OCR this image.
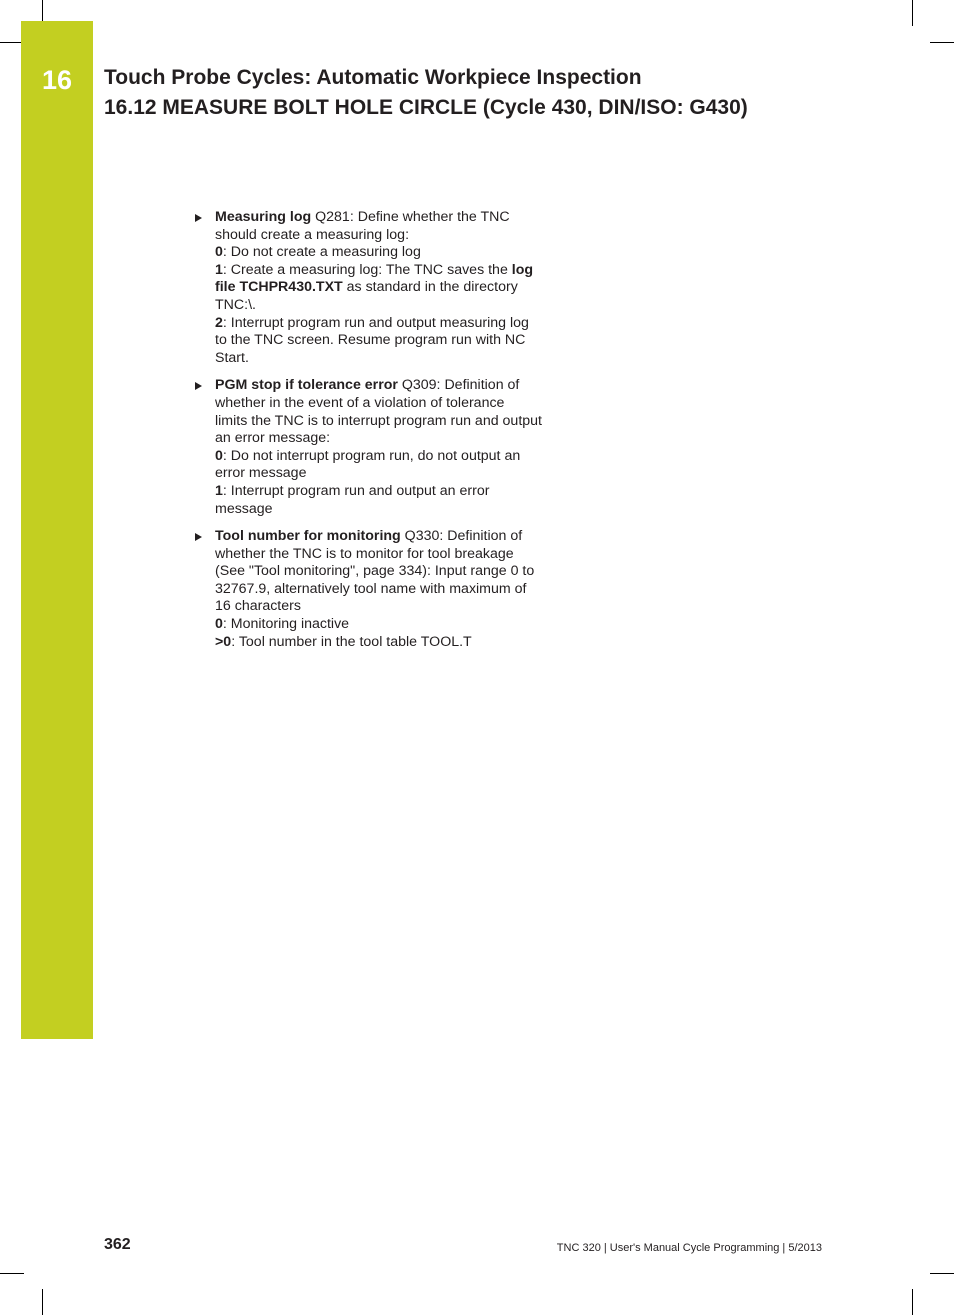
16	Touch Probe Cycles: Automatic Workpiece Inspection
16.12 MEASURE BOLT HOLE CIRCLE (Cycle 430, DIN/ISO: G430)
Measuring log Q281: Define whether the TNC
should create a measuring log:
0: Do not create a measuring log
1: Create a measuring log: The TNC saves the log
file TCHPR430.TXT as standard in the directory
TNC:\.
2: Interrupt program run and output measuring log
to the TNC screen. Resume program run with NC
Start.
PGM stop if tolerance error Q309: Definition of
whether in the event of a violation of tolerance
limits the TNC is to interrupt program run and output
an error message:
0: Do not interrupt program run, do not output an
error message
1: Interrupt program run and output an error
message
Tool number for monitoring Q330: Definition of
whether the TNC is to monitor for tool breakage
(See "Tool monitoring", page 334): Input range 0 to
32767.9, alternatively tool name with maximum of
16 characters
0: Monitoring inactive
>0: Tool number in the tool table TOOL.T
362	TNC 320 | User's Manual Cycle Programming | 5/2013
